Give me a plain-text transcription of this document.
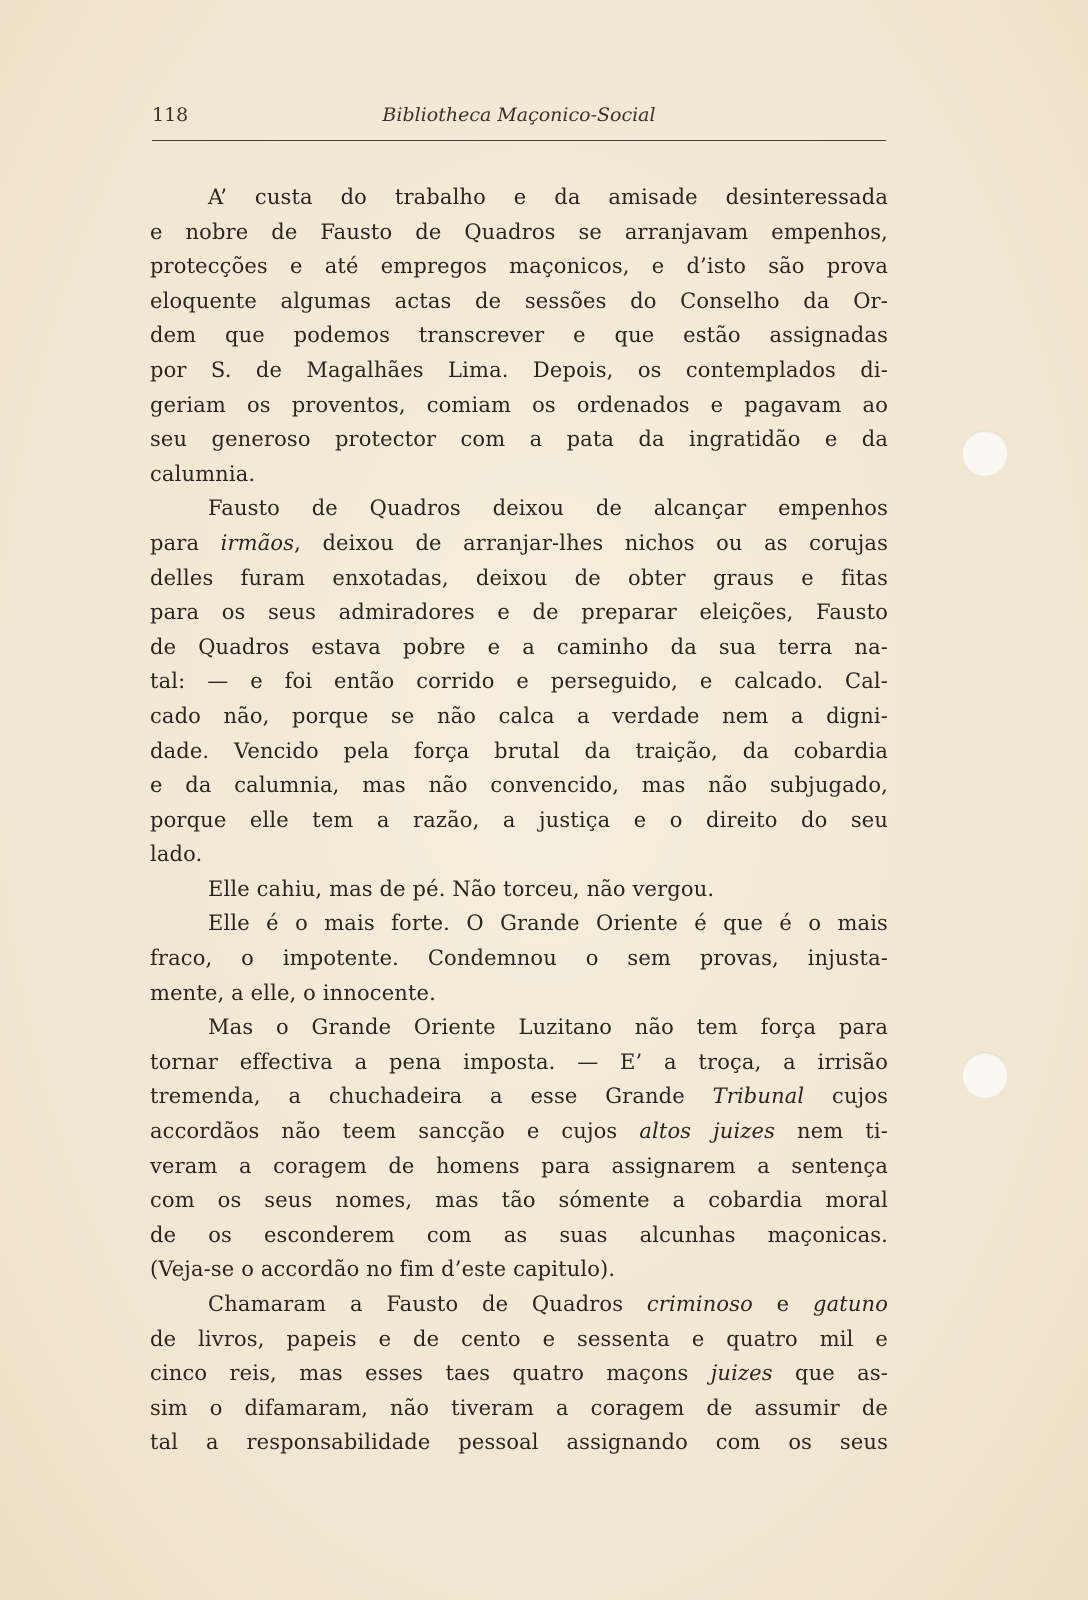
118	Bibliotheca Maçonico-Social
A’ custa do trabalho e da amisade desinteressada
e nobre de Fausto de Quadros se arranjavam empenhos,
protecções e até empregos maçonicos, e d’isto são prova
eloquente algumas actas de sessões do Conselho da Or-
dem que podemos transcrever e que estão assignadas
por S. de Magalhães Lima. Depois, os contemplados di-
geriam os proventos, comiam os ordenados e pagavam ao
seu generoso protector com a pata da ingratidão e da
calumnia.
Fausto de Quadros deixou de alcançar empenhos
para irmãos, deixou de arranjar-lhes nichos ou as corujas
delles furam enxotadas, deixou de obter graus e fitas
para os seus admiradores e de preparar eleições, Fausto
de Quadros estava pobre e a caminho da sua terra na-
tal: — e foi então corrido e perseguido, e calcado. Cal-
cado não, porque se não calca a verdade nem a digni-
dade. Vencido pela força brutal da traição, da cobardia
e da calumnia, mas não convencido, mas não subjugado,
porque elle tem a razão, a justiça e o direito do seu
lado.
Elle cahiu, mas de pé. Não torceu, não vergou.
Elle é o mais forte. O Grande Oriente é que é o mais
fraco, o impotente. Condemnou o sem provas, injusta-
mente, a elle, o innocente.
Mas o Grande Oriente Luzitano não tem força para
tornar effectiva a pena imposta. — E’ a troça, a irrisão
tremenda, a chuchadeira a esse Grande Tribunal cujos
accordãos não teem sancção e cujos altos juizes nem ti-
veram a coragem de homens para assignarem a sentença
com os seus nomes, mas tão sómente a cobardia moral
de os esconderem com as suas alcunhas maçonicas.
(Veja-se o accordão no fim d’este capitulo).
Chamaram a Fausto de Quadros criminoso e gatuno
de livros, papeis e de cento e sessenta e quatro mil e
cinco reis, mas esses taes quatro maçons juizes que as-
sim o difamaram, não tiveram a coragem de assumir de
tal a responsabilidade pessoal assignando com os seus
